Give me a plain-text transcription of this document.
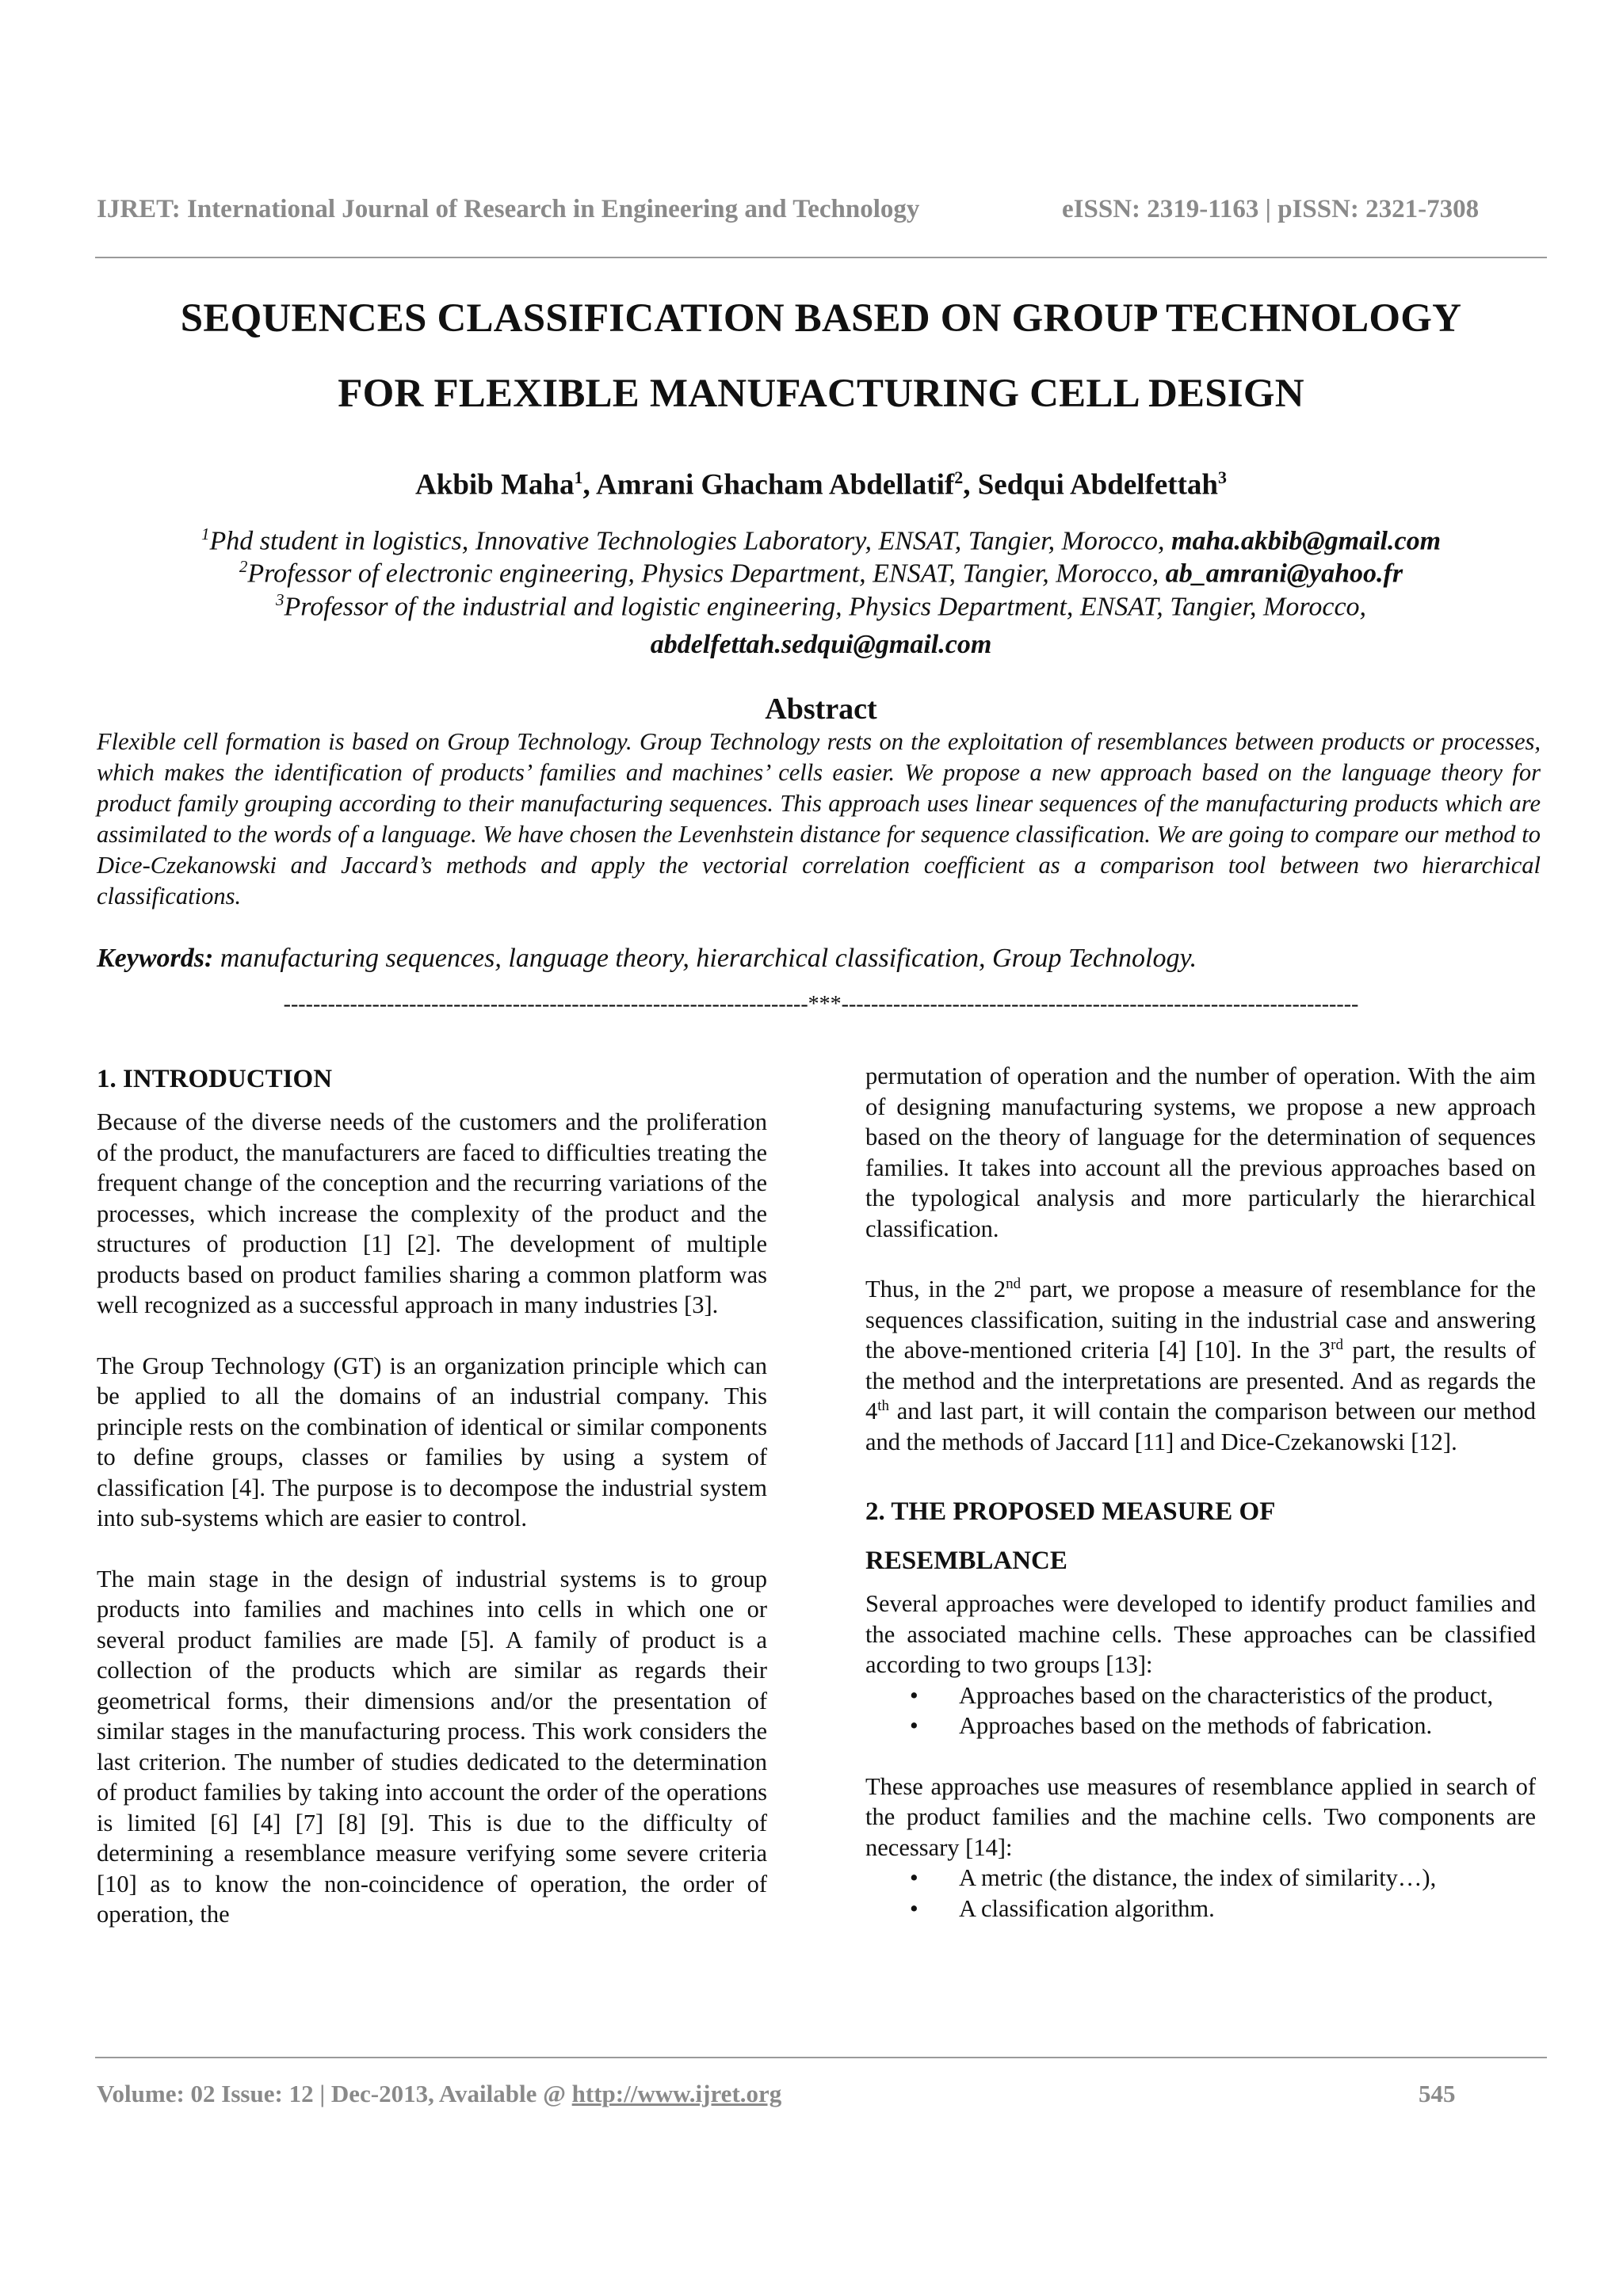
IJRET: International Journal of Research in Engineering and Technology	eISSN: 2319-1163 | pISSN: 2321-7308
SEQUENCES CLASSIFICATION BASED ON GROUP TECHNOLOGY
FOR FLEXIBLE MANUFACTURING CELL DESIGN
Akbib Maha$^1$, Amrani Ghacham Abdellatif$^2$, Sedqui Abdelfettah$^3$
$^1$Phd student in logistics, Innovative Technologies Laboratory, ENSAT, Tangier, Morocco, maha.akbib@gmail.com
$^2$Professor of electronic engineering, Physics Department, ENSAT, Tangier, Morocco, ab_amrani@yahoo.fr
$^3$Professor of the industrial and logistic engineering, Physics Department, ENSAT, Tangier, Morocco,
abdelfettah.sedqui@gmail.com
Abstract
Flexible cell formation is based on Group Technology. Group Technology rests on the exploitation of resemblances between products or processes, which makes the identification of products’ families and machines’ cells easier. We propose a new approach based on the language theory for product family grouping according to their manufacturing sequences. This approach uses linear sequences of the manufacturing products which are assimilated to the words of a language. We have chosen the Levenhstein distance for sequence classification. We are going to compare our method to Dice-Czekanowski and Jaccard’s methods and apply the vectorial correlation coefficient as a comparison tool between two hierarchical classifications.
Keywords: manufacturing sequences, language theory, hierarchical classification, Group Technology.
-----------------------------------------------------------------------***----------------------------------------------------------------------
1. INTRODUCTION

Because of the diverse needs of the customers and the proliferation of the product, the manufacturers are faced to difficulties treating the frequent change of the conception and the recurring variations of the processes, which increase the complexity of the product and the structures of production [1] [2]. The development of multiple products based on product families sharing a common platform was well recognized as a successful approach in many industries [3].

The Group Technology (GT) is an organization principle which can be applied to all the domains of an industrial company. This principle rests on the combination of identical or similar components to define groups, classes or families by using a system of classification [4]. The purpose is to decompose the industrial system into sub-systems which are easier to control.

The main stage in the design of industrial systems is to group products into families and machines into cells in which one or several product families are made [5]. A family of product is a collection of the products which are similar as regards their geometrical forms, their dimensions and/or the presentation of similar stages in the manufacturing process. This work considers the last criterion. The number of studies dedicated to the determination of product families by taking into account the order of the operations is limited [6] [4] [7] [8] [9]. This is due to the difficulty of determining a resemblance measure verifying some severe criteria [10] as to know the non-coincidence of operation, the order of operation, the

permutation of operation and the number of operation. With the aim of designing manufacturing systems, we propose a new approach based on the theory of language for the determination of sequences families. It takes into account all the previous approaches based on the typological analysis and more particularly the hierarchical classification.

Thus, in the 2nd part, we propose a measure of resemblance for the sequences classification, suiting in the industrial case and answering the above-mentioned criteria [4] [10]. In the 3rd part, the results of the method and the interpretations are presented. And as regards the 4th and last part, it will contain the comparison between our method and the methods of Jaccard [11] and Dice-Czekanowski [12].

2. THE PROPOSED MEASURE OF
RESEMBLANCE

Several approaches were developed to identify product families and the associated machine cells. These approaches can be classified according to two groups [13]:

• Approaches based on the characteristics of the product,
• Approaches based on the methods of fabrication.

These approaches use measures of resemblance applied in search of the product families and the machine cells. Two components are necessary [14]:

• A metric (the distance, the index of similarity…),
• A classification algorithm.
Volume: 02 Issue: 12 | Dec-2013, Available @ http://www.ijret.org	545
